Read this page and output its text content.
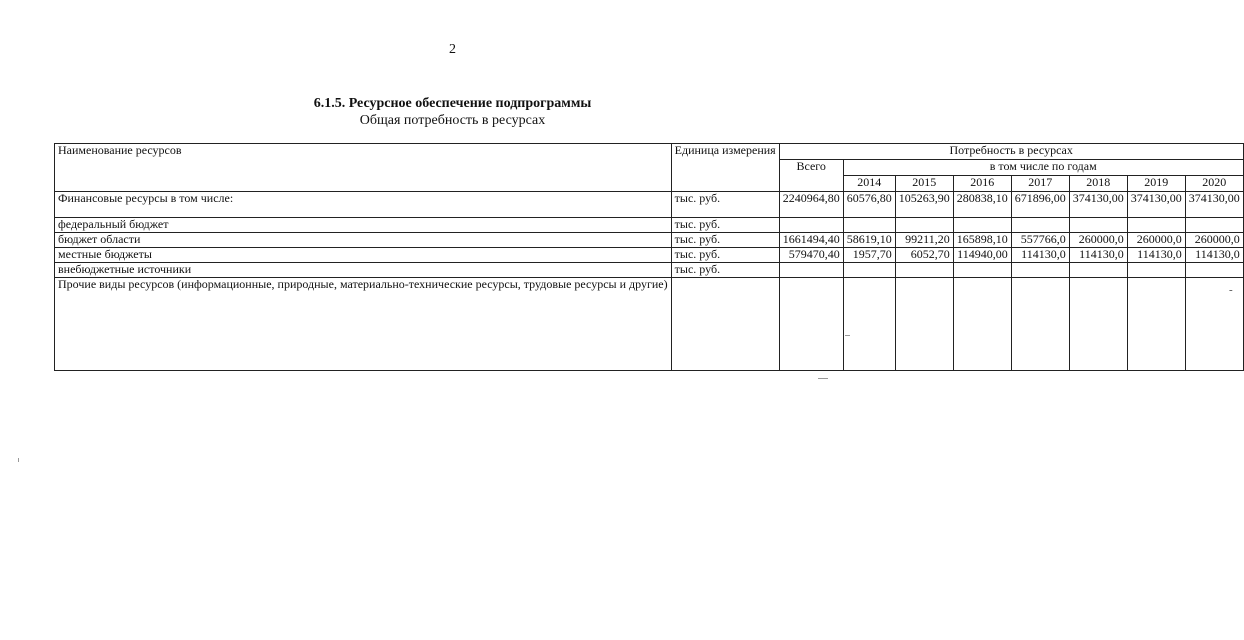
2
6.1.5. Ресурсное обеспечение подпрограммы
Общая потребность в ресурсах
Наименование ресурсов	Единица измерения	Потребность в ресурсах							
		Всего	в том числе по годам						
			2014	2015	2016	2017	2018	2019	2020
Финансовые ресурсы в том числе:	тыс. руб.	2240964,80	60576,80	105263,90	280838,10	671896,00	374130,00	374130,00	374130,00
федеральный бюджет	тыс. руб.								
бюджет области	тыс. руб.	1661494,40	58619,10	99211,20	165898,10	557766,0	260000,0	260000,0	260000,0
местные бюджеты	тыс. руб.	579470,40	1957,70	6052,70	114940,00	114130,0	114130,0	114130,0	114130,0
внебюджетные источники	тыс. руб.								
Прочие виды ресурсов (информационные, природные, материально-технические ресурсы, трудовые ресурсы и другие)									-
